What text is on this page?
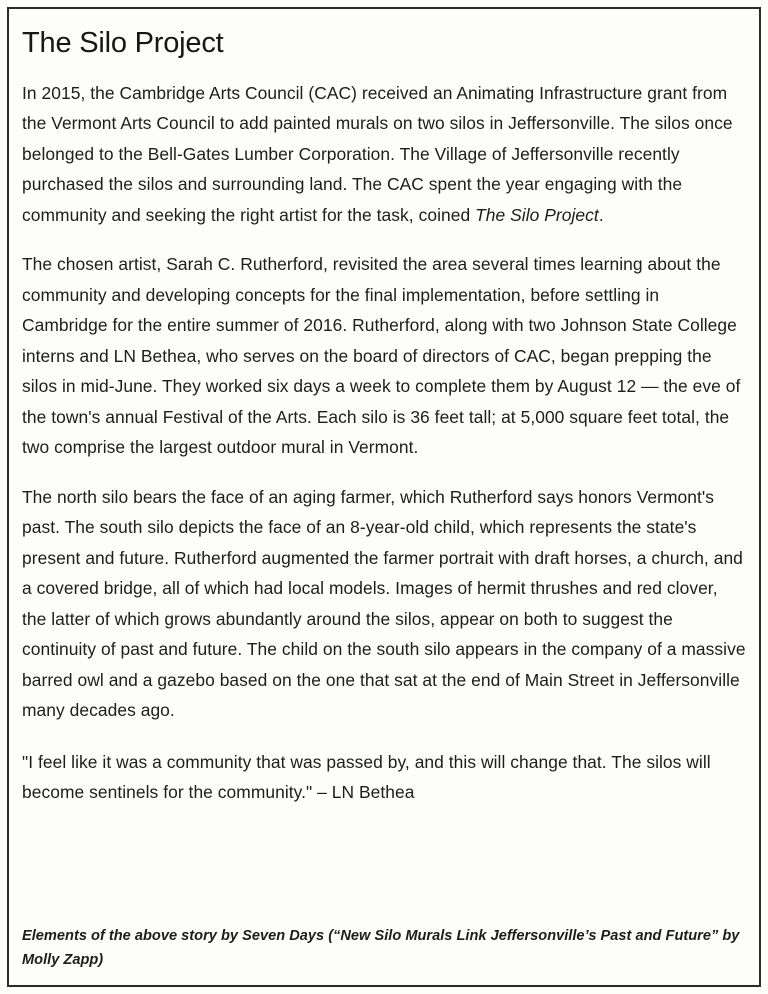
The Silo Project

In 2015, the Cambridge Arts Council (CAC) received an Animating Infrastructure grant from the Vermont Arts Council to add painted murals on two silos in Jeffersonville. The silos once belonged to the Bell-Gates Lumber Corporation. The Village of Jeffersonville recently purchased the silos and surrounding land. The CAC spent the year engaging with the community and seeking the right artist for the task, coined The Silo Project.

The chosen artist, Sarah C. Rutherford, revisited the area several times learning about the community and developing concepts for the final implementation, before settling in Cambridge for the entire summer of 2016. Rutherford, along with two Johnson State College interns and LN Bethea, who serves on the board of directors of CAC, began prepping the silos in mid-June. They worked six days a week to complete them by August 12 — the eve of the town's annual Festival of the Arts. Each silo is 36 feet tall; at 5,000 square feet total, the two comprise the largest outdoor mural in Vermont.

The north silo bears the face of an aging farmer, which Rutherford says honors Vermont's past. The south silo depicts the face of an 8-year-old child, which represents the state's present and future. Rutherford augmented the farmer portrait with draft horses, a church, and a covered bridge, all of which had local models. Images of hermit thrushes and red clover, the latter of which grows abundantly around the silos, appear on both to suggest the continuity of past and future. The child on the south silo appears in the company of a massive barred owl and a gazebo based on the one that sat at the end of Main Street in Jeffersonville many decades ago.

"I feel like it was a community that was passed by, and this will change that. The silos will become sentinels for the community." – LN Bethea

Elements of the above story by Seven Days (“New Silo Murals Link Jeffersonville’s Past and Future” by Molly Zapp)
